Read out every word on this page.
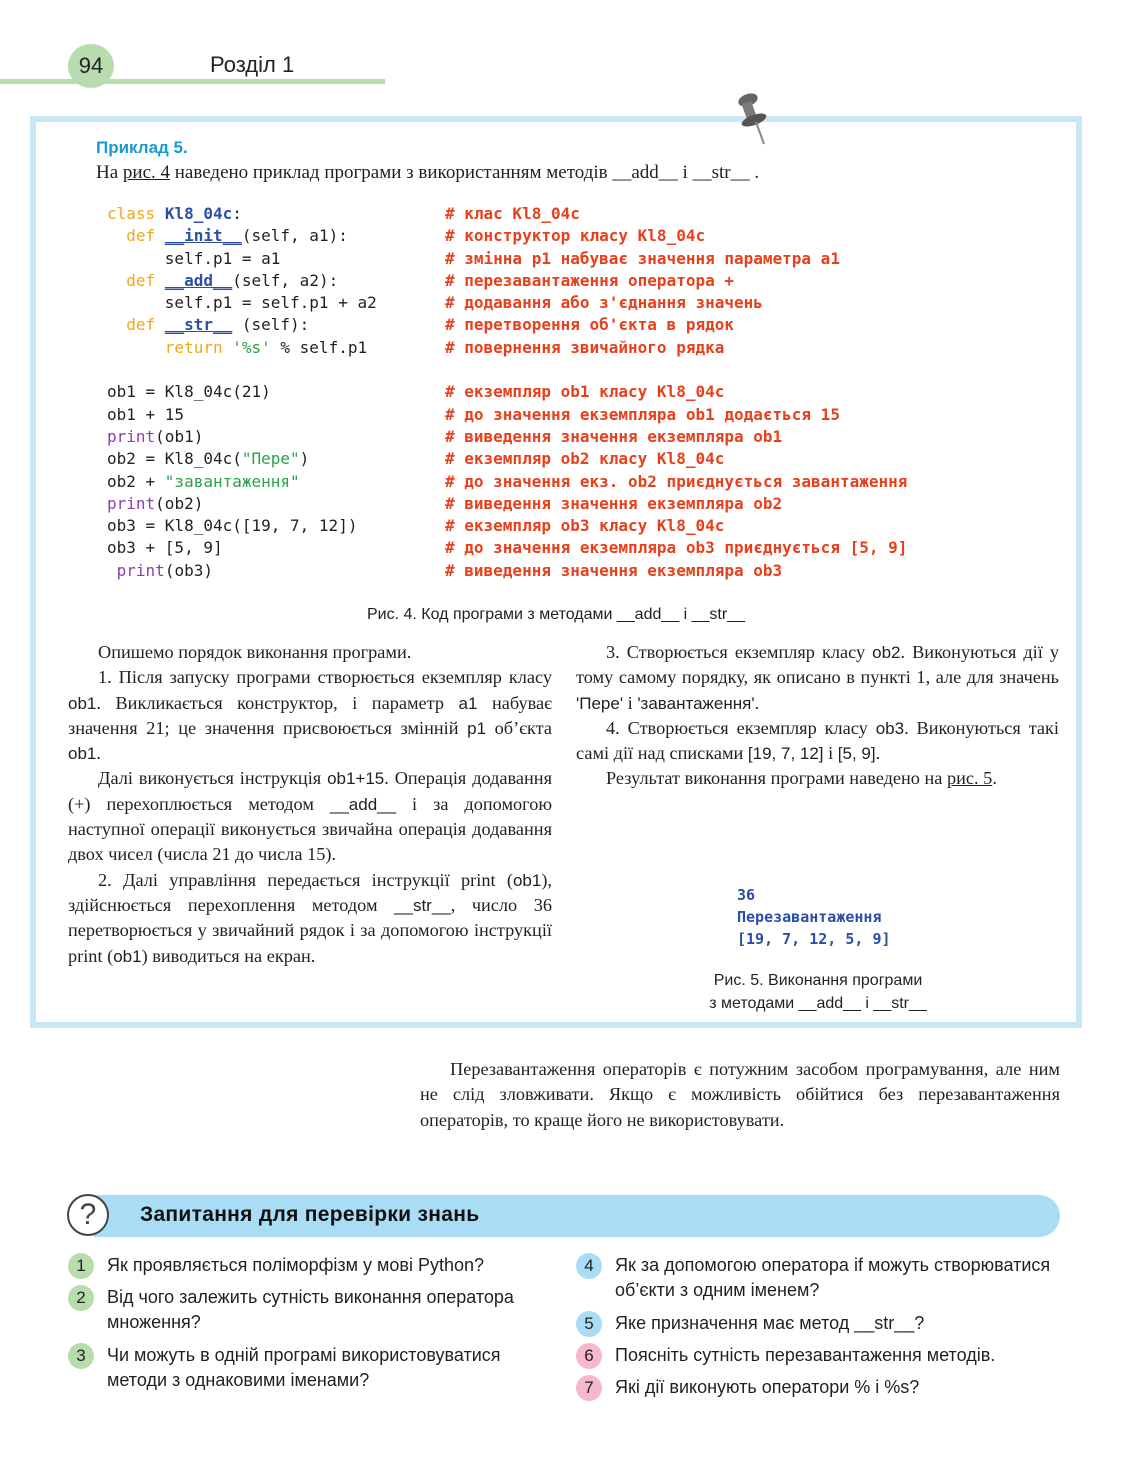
94	Розділ 1
Приклад 5.
На рис. 4 наведено приклад програми з використанням методів __add__ і __str__ .
class Kl8_04c:	# клас Kl8_04c
def __init__(self, a1):	# конструктор класу Kl8_04c
self.p1 = a1	# змінна p1 набуває значення параметра a1
def __add__(self, a2):	# перезавантаження оператора +
self.p1 = self.p1 + a2	# додавання або з'єднання значень
def __str__ (self):	# перетворення об'єкта в рядок
return '%s' % self.p1	# повернення звичайного рядка
ob1 = Kl8_04c(21)	# екземпляр ob1 класу Kl8_04c
ob1 + 15	# до значення екземпляра ob1 додається 15
print(ob1)	# виведення значення екземпляра ob1
ob2 = Kl8_04c("Пере")	# екземпляр ob2 класу Kl8_04c
ob2 + "завантаження"	# до значення екз. ob2 приєднується завантаження
print(ob2)	# виведення значення екземпляра ob2
ob3 = Kl8_04c([19, 7, 12])	# екземпляр ob3 класу Kl8_04c
ob3 + [5, 9]	# до значення екземпляра ob3 приєднується [5, 9]
print(ob3)	# виведення значення екземпляра ob3
Рис. 4. Код програми з методами __add__ і __str__

Опишемо порядок виконання програми.

1. Після запуску програми створюється екземпляр класу ob1. Викликається конструктор, і параметр a1 набуває значення 21; це значення присвоюється змінній p1 об’єкта ob1.

Далі виконується інструкція ob1+15. Операція додавання (+) перехоплюється методом __add__ і за допомогою наступної операції виконується звичайна операція додавання двох чисел (числа 21 до числа 15).

2. Далі управління передається інструкції print (ob1), здійснюється перехоплення методом __str__, число 36 перетворюється у звичайний рядок і за допомогою інструкції print (ob1) виводиться на екран.

3. Створюється екземпляр класу ob2. Виконуються дії у тому самому порядку, як описано в пункті 1, але для значень 'Пере' і 'завантаження'.

4. Створюється екземпляр класу ob3. Виконуються такі самі дії над списками [19, 7, 12] і [5, 9].

Результат виконання програми наведено на рис. 5.

36
Перезавантаження
[19, 7, 12, 5, 9]
Рис. 5. Виконання програми
з методами __add__ і __str__

Перезавантаження операторів є потужним засобом програмування, але ним не слід зловживати. Якщо є можливість обійтися без перезавантаження операторів, то краще його не використовувати.

?	Запитання для перевірки знань
1	Як проявляється поліморфізм у мові Python?
2	Від чого залежить сутність виконання оператора множення?
3	Чи можуть в одній програмі використовуватися методи з однаковими іменами?
4	Як за допомогою оператора if можуть створюватися об’єкти з одним іменем?
5	Яке призначення має метод __str__?
6	Поясніть сутність перезавантаження методів.
7	Які дії виконують оператори % і %s?
